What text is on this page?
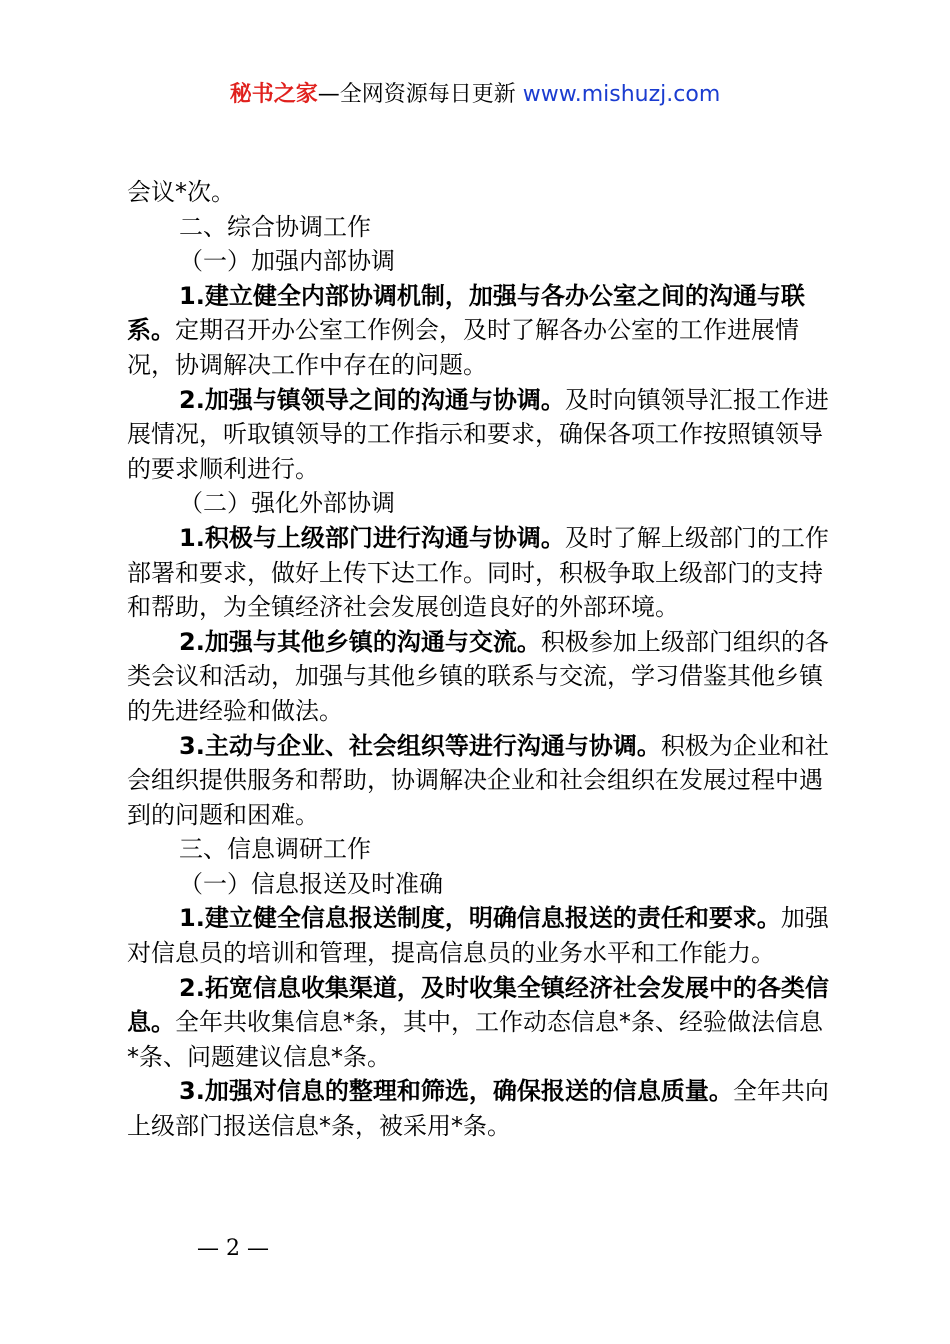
秘书之家—全网资源每日更新 www.mishuzj.com

会议*次。

二、综合协调工作

（一）加强内部协调

1.建立健全内部协调机制，加强与各办公室之间的沟通与联系。定期召开办公室工作例会，及时了解各办公室的工作进展情况，协调解决工作中存在的问题。

2.加强与镇领导之间的沟通与协调。及时向镇领导汇报工作进展情况，听取镇领导的工作指示和要求，确保各项工作按照镇领导的要求顺利进行。

（二）强化外部协调

1.积极与上级部门进行沟通与协调。及时了解上级部门的工作部署和要求，做好上传下达工作。同时，积极争取上级部门的支持和帮助，为全镇经济社会发展创造良好的外部环境。

2.加强与其他乡镇的沟通与交流。积极参加上级部门组织的各类会议和活动，加强与其他乡镇的联系与交流，学习借鉴其他乡镇的先进经验和做法。

3.主动与企业、社会组织等进行沟通与协调。积极为企业和社会组织提供服务和帮助，协调解决企业和社会组织在发展过程中遇到的问题和困难。

三、信息调研工作

（一）信息报送及时准确

1.建立健全信息报送制度，明确信息报送的责任和要求。加强对信息员的培训和管理，提高信息员的业务水平和工作能力。

2.拓宽信息收集渠道，及时收集全镇经济社会发展中的各类信息。全年共收集信息*条，其中，工作动态信息*条、经验做法信息*条、问题建议信息*条。

3.加强对信息的整理和筛选，确保报送的信息质量。全年共向上级部门报送信息*条，被采用*条。

— 2 —
